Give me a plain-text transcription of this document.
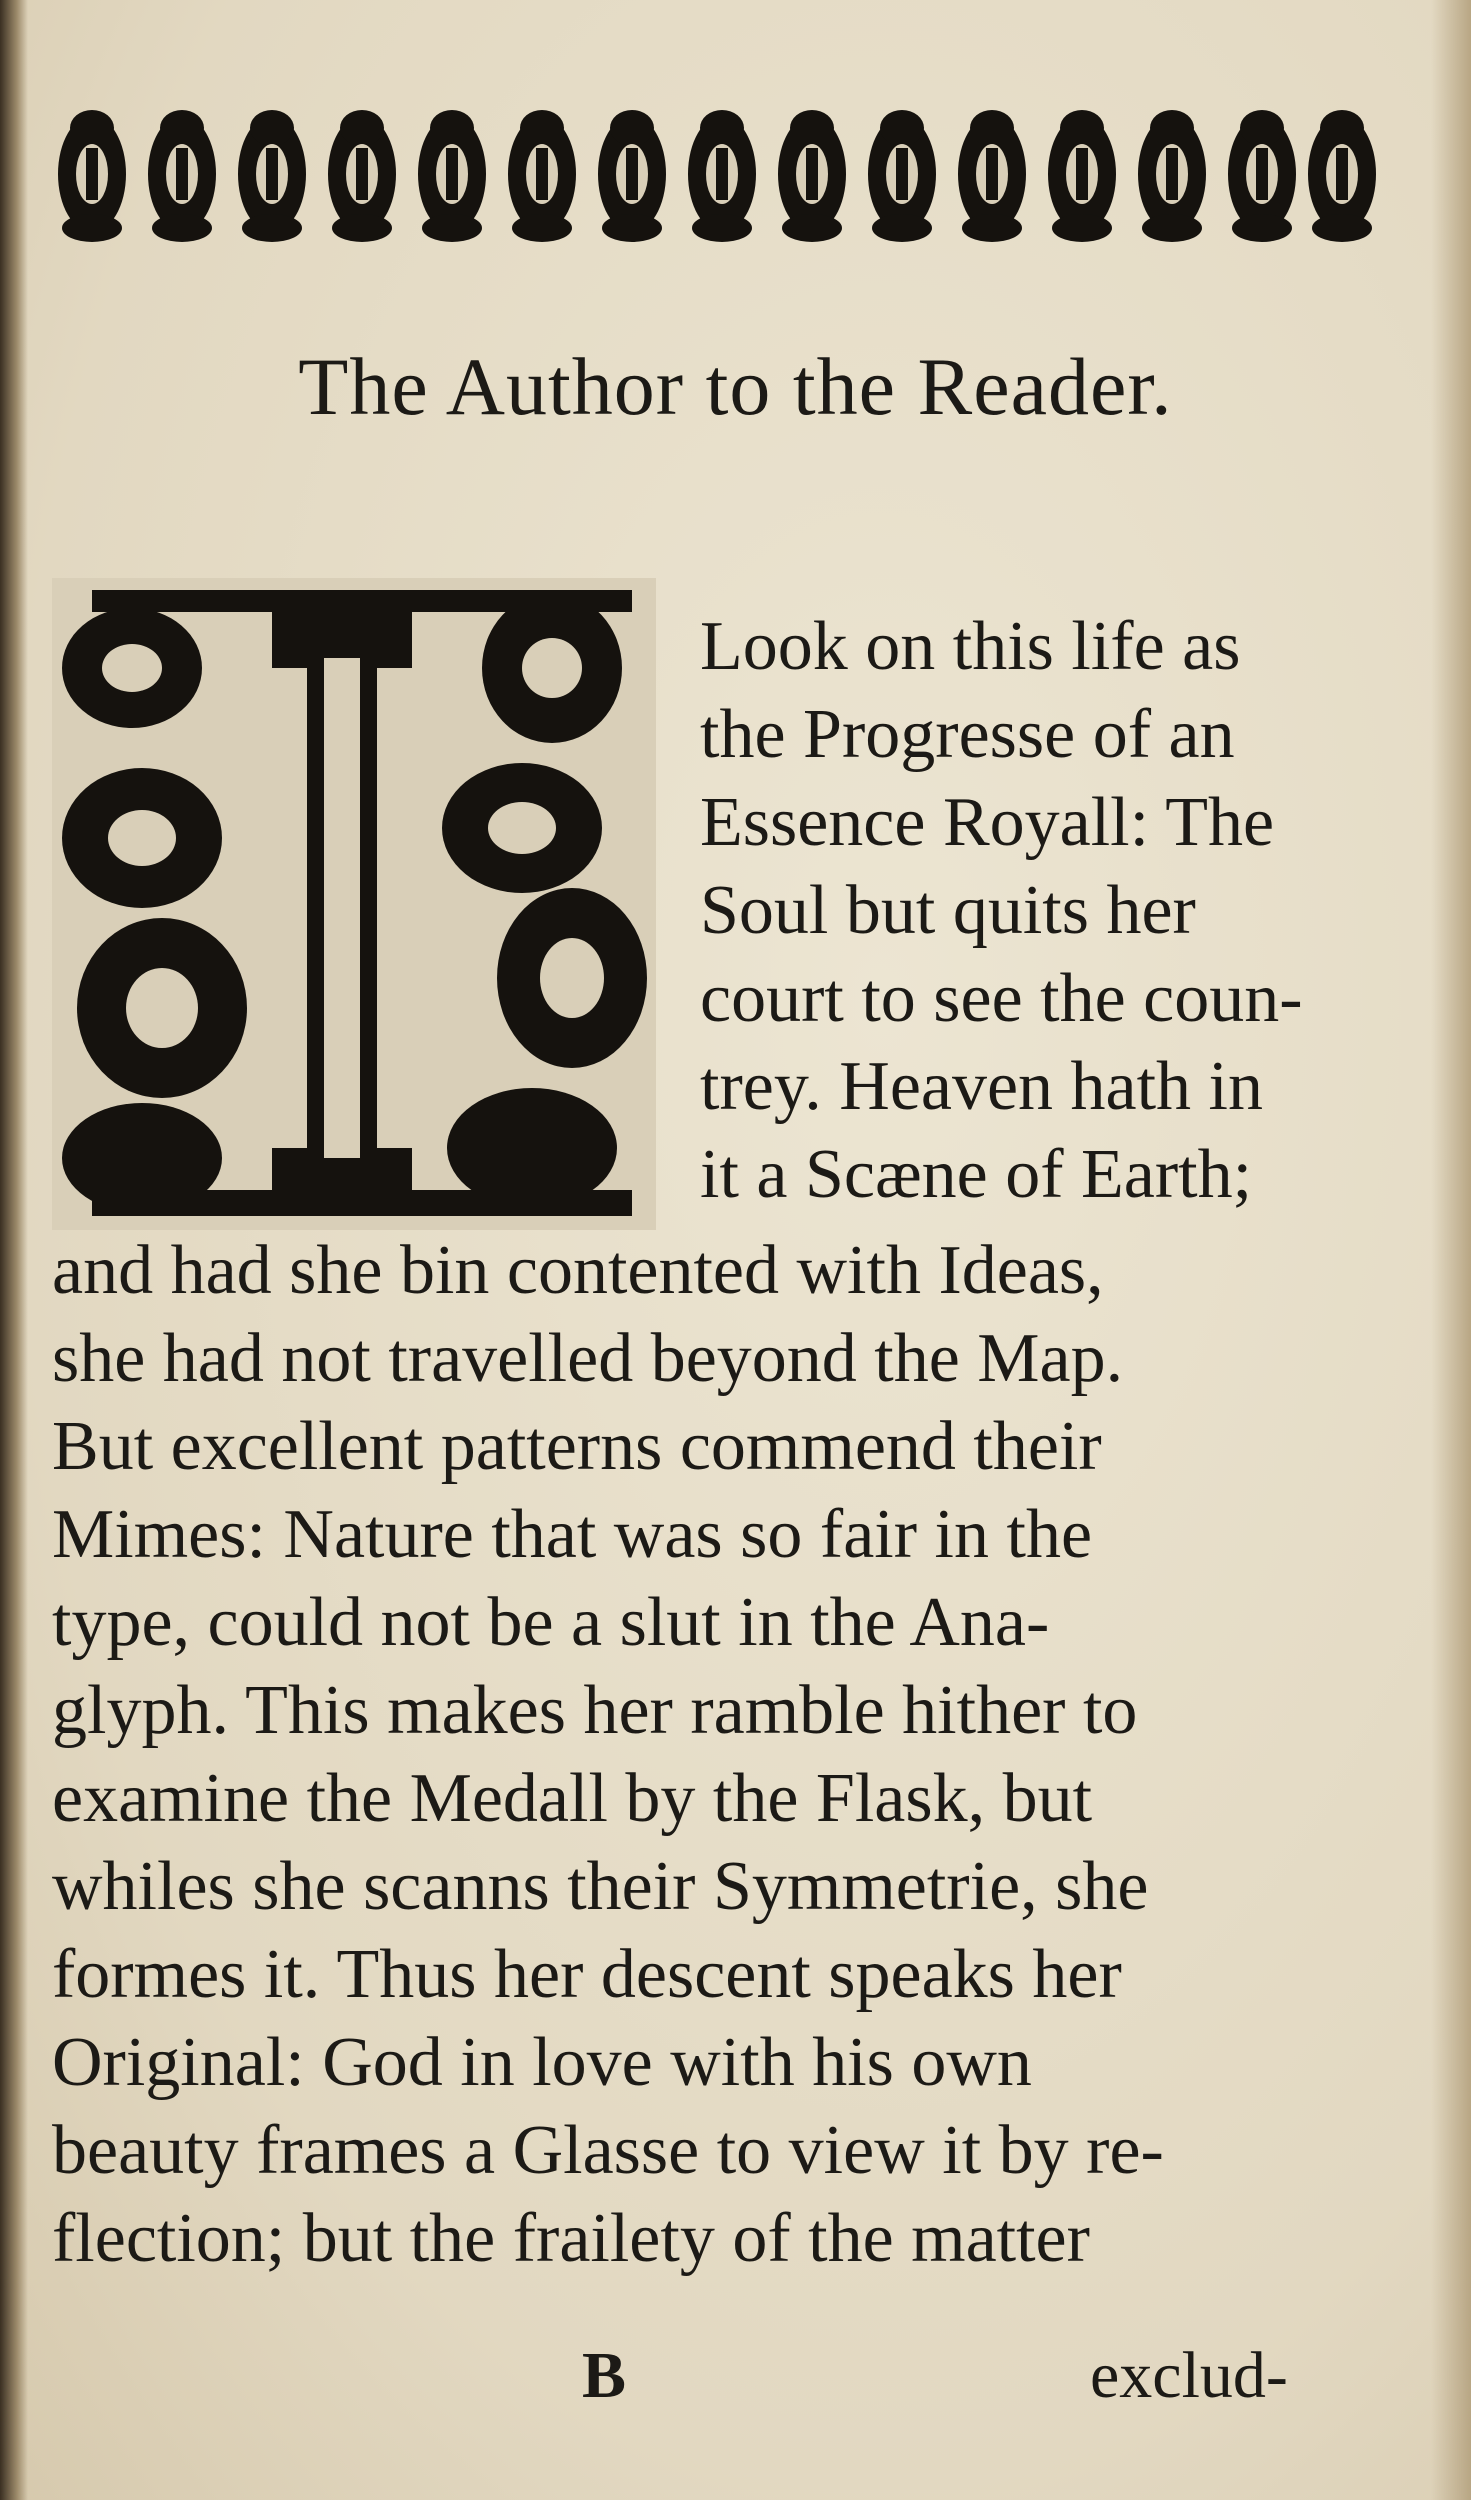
The Author to the Reader.
Look on this life as
the Progresse of an
Essence Royall: The
Soul but quits her
court to see the coun-
trey. Heaven hath in
it a Scæne of Earth;
and had she bin contented with Ideas,
she had not travelled beyond the Map.
But excellent patterns commend their
Mimes: Nature that was so fair in the
type, could not be a slut in the Ana-
glyph. This makes her ramble hither to
examine the Medall by the Flask, but
whiles she scanns their Symmetrie, she
formes it. Thus her descent speaks her
Original: God in love with his own
beauty frames a Glasse to view it by re-
flection; but the frailety of the matter
B	exclud-
